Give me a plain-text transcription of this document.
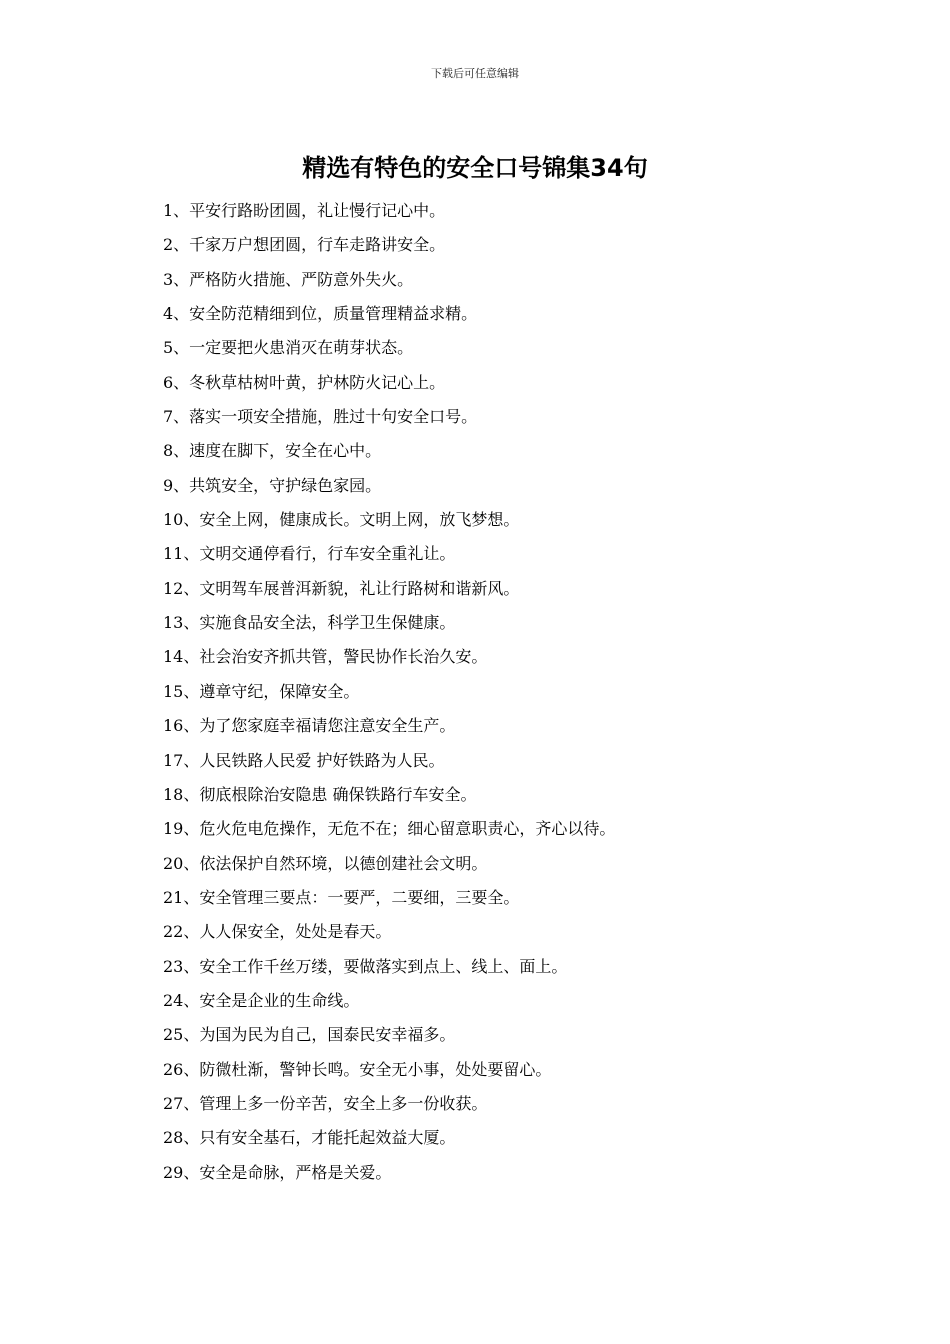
下载后可任意编辑
精选有特色的安全口号锦集34句
1、平安行路盼团圆，礼让慢行记心中。
2、千家万户想团圆，行车走路讲安全。
3、严格防火措施、严防意外失火。
4、安全防范精细到位，质量管理精益求精。
5、一定要把火患消灭在萌芽状态。
6、冬秋草枯树叶黄，护林防火记心上。
7、落实一项安全措施，胜过十句安全口号。
8、速度在脚下，安全在心中。
9、共筑安全，守护绿色家园。
10、安全上网，健康成长。文明上网，放飞梦想。
11、文明交通停看行，行车安全重礼让。
12、文明驾车展普洱新貌，礼让行路树和谐新风。
13、实施食品安全法，科学卫生保健康。
14、社会治安齐抓共管，警民协作长治久安。
15、遵章守纪，保障安全。
16、为了您家庭幸福请您注意安全生产。
17、人民铁路人民爱 护好铁路为人民。
18、彻底根除治安隐患 确保铁路行车安全。
19、危火危电危操作，无危不在；细心留意职责心，齐心以待。
20、依法保护自然环境，以德创建社会文明。
21、安全管理三要点：一要严，二要细，三要全。
22、人人保安全，处处是春天。
23、安全工作千丝万缕，要做落实到点上、线上、面上。
24、安全是企业的生命线。
25、为国为民为自己，国泰民安幸福多。
26、防微杜渐，警钟长鸣。安全无小事，处处要留心。
27、管理上多一份辛苦，安全上多一份收获。
28、只有安全基石，才能托起效益大厦。
29、安全是命脉，严格是关爱。
